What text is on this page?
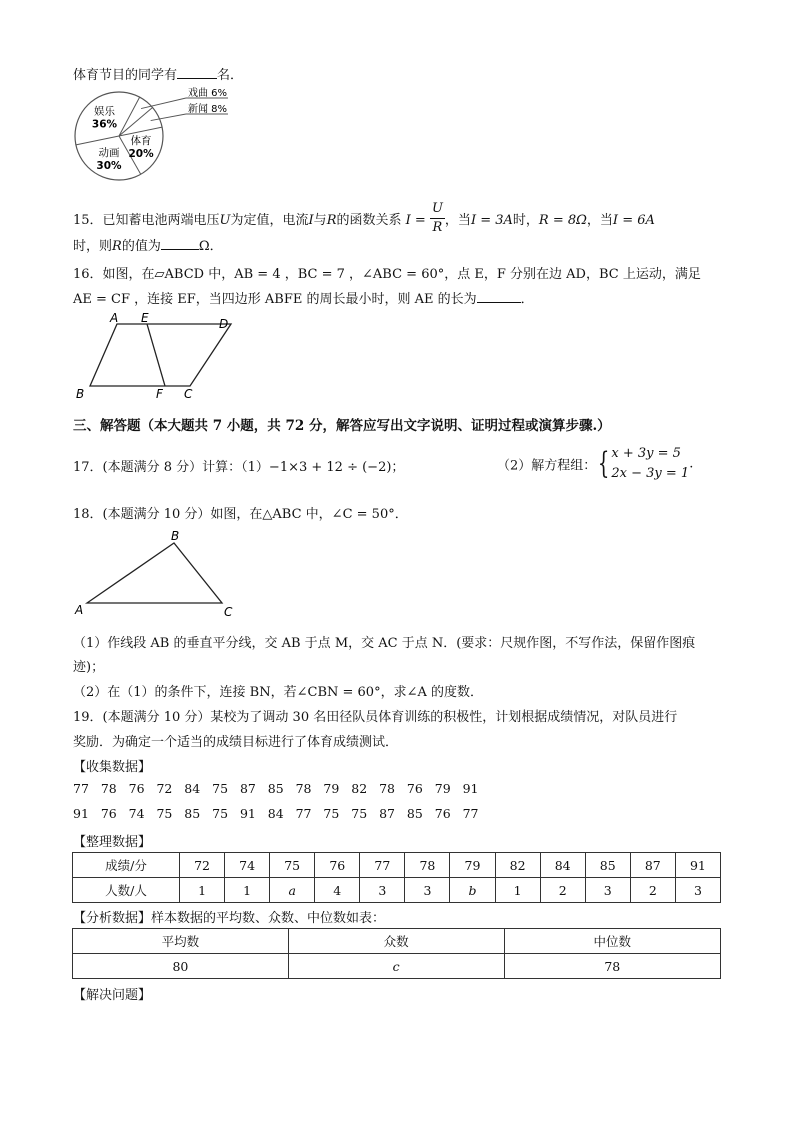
体育节目的同学有	名．
戏曲 6%
新闻 8%
体育
20%
动画
30%
娱乐
36%
15．已知蓄电池两端电压U为定值，电流I与R的函数关系 $I = \frac{U}{R}$ ，当I = 3A时，R = 8Ω，当I = 6A
时，则R的值为	Ω．
16．如图，在▱ABCD 中，AB = 4 ，BC = 7 ，∠ABC = 60°，点 E，F 分别在边 AD，BC 上运动，满足
AE = CF ，连接 EF，当四边形 ABFE 的周长最小时，则 AE 的长为	．
A E	D
B	F C
三、解答题（本大题共 7 小题，共 72 分，解答应写出文字说明、证明过程或演算步骤.）
17．(本题满分 8 分）计算：（1）−1×3 + 12 ÷ (−2)；	（2）解方程组：{ x + 3y = 5
2x − 3y = 1
.
18．(本题满分 10 分）如图，在△ABC 中，∠C = 50°．
A
B
C
（1）作线段 AB 的垂直平分线，交 AB 于点 M，交 AC 于点 N．(要求：尺规作图，不写作法，保留作图痕
迹)；
（2）在（1）的条件下，连接 BN，若∠CBN = 60°，求∠A 的度数．
19．(本题满分 10 分）某校为了调动 30 名田径队员体育训练的积极性，计划根据成绩情况，对队员进行
奖励．为确定一个适当的成绩目标进行了体育成绩测试．
【收集数据】
77   78   76   72   84   75   87   85   78   79   82   78   76   79   91
91   76   74   75   85   75   91   84   77   75   75   87   85   76   77
【整理数据】
成绩/分	72	74	75	76	77	78	79	82	84	85	87	91
人数/人	1	1	a	4	3	3	b	1	2	3	2	3
【分析数据】样本数据的平均数、众数、中位数如表：
平均数	众数	中位数
80	c	78
【解决问题】
